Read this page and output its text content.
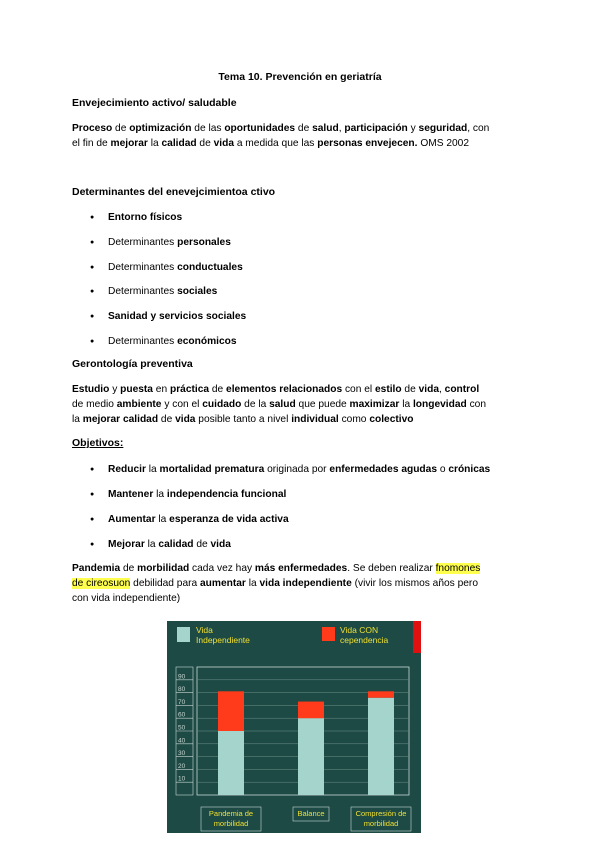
Tema 10. Prevención en geriatría
Envejecimiento activo/ saludable
Proceso de optimización de las oportunidades de salud, participación y seguridad, con
el fin de mejorar la calidad de vida a medida que las personas envejecen. OMS 2002
Determinantes del enevejcimientoa ctivo
● Entorno físicos
● Determinantes personales
● Determinantes conductuales
● Determinantes sociales
● Sanidad y servicios sociales
● Determinantes económicos
Gerontología preventiva
Estudio y puesta en práctica de elementos relacionados con el estilo de vida, control
de medio ambiente y con el cuidado de la salud que puede maximizar la longevidad con
la mejorar calidad de vida posible tanto a nivel individual como colectivo
Objetivos:
● Reducir la mortalidad prematura originada por enfermedades agudas o crónicas
● Mantener la independencia funcional
● Aumentar la esperanza de vida activa
● Mejorar la calidad de vida
Pandemia de morbilidad cada vez hay más enfermedades. Se deben realizar fnomones
de cireosuon debilidad para aumentar la vida independiente (vivir los mismos años pero
con vida independiente)
Vida
Independiente
Vida CON
cependencia
10
20
30
40
50
60
70
80
90
Pandemia de
morbilidad
Balance	Compresión de
morbilidad
